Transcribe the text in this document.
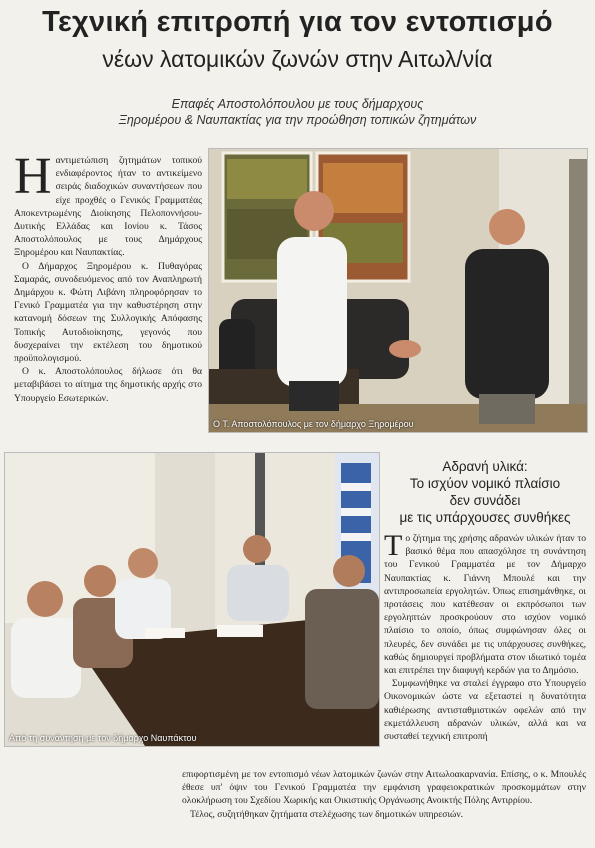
Τεχνική επιτροπή για τον εντοπισμό
νέων λατομικών ζωνών στην Αιτωλ/νία
Επαφές Αποστολόπουλου με τους δήμαρχους
Ξηρομέρου & Ναυπακτίας για την προώθηση τοπικών ζητημάτων

Ηαντιμετώπιση ζητημάτων τοπικού ενδιαφέροντος ήταν το αντικείμενο σειράς διαδοχικών συναντήσεων που είχε προχθές ο Γενικός Γραμματέας Αποκεντρωμένης Διοίκησης Πελοποννήσου-Δυτικής Ελλάδας και Ιονίου κ. Τάσος Αποστολόπουλος με τους Δημάρχους Ξηρομέρου και Ναυπακτίας.

Ο Δήμαρχος Ξηρομέρου κ. Πυθαγόρας Σαμαράς, συνοδευόμενος από τον Αναπληρωτή Δημάρχου κ. Φώτη Λιβάνη πληροφόρησαν το Γενικό Γραμματέα για την καθυστέρηση στην κατανομή δόσεων της Συλλογικής Απόφασης Τοπικής Αυτοδιοίκησης, γεγονός που δυσχεραίνει την εκτέλεση του δημοτικού προϋπολογισμού.

Ο κ. Αποστολόπουλος δήλωσε ότι θα μεταβιβάσει το αίτημα της δημοτικής αρχής στο Υπουργείο Εσωτερικών.

Ο Τ. Αποστολόπουλος με τον δήμαρχο Ξηρομέρου
Από τη συνάντηση με τον δήμαρχο Ναυπάκτου
Αδρανή υλικά:
Το ισχύον νομικό πλαίσιο
δεν συνάδει
με τις υπάρχουσες συνθήκες

Το ζήτημα της χρήσης αδρανών υλικών ήταν το βασικό θέμα που απασχόλησε τη συνάντηση του Γενικού Γραμματέα με τον Δήμαρχο Ναυπακτίας κ. Γιάννη Μπουλέ και την αντιπροσωπεία εργολητών. Όπως επισημάνθηκε, οι προτάσεις που κατέθεσαν οι εκπρόσωποι των εργοληπτών προσκρούουν στο ισχύον νομικό πλαίσιο το οποίο, όπως συμφώνησαν όλες οι πλευρές, δεν συνάδει με τις υπάρχουσες συνθήκες, καθώς δημιουργεί προβλήματα στον ιδιωτικό τομέα και επιτρέπει την διαφυγή κερδών για το Δημόσιο.

Συμφωνήθηκε να σταλεί έγγραφο στο Υπουργείο Οικονομικών ώστε να εξεταστεί η δυνατότητα καθιέρωσης αντισταθμιστικών οφελών από την εκμετάλλευση αδρανών υλικών, αλλά και να συσταθεί τεχνική επιτροπή

επιφορτισμένη με τον εντοπισμό νέων λατομικών ζωνών στην Αιτωλοακαρνανία. Επίσης, ο κ. Μπουλές έθεσε υπ' όψιν του Γενικού Γραμματέα την εμφάνιση γραφειοκρατικών προσκομμάτων στην ολοκλήρωση του Σχεδίου Χωρικής και Οικιστικής Οργάνωσης Ανοικτής Πόλης Αντιρρίου.

Τέλος, συζητήθηκαν ζητήματα στελέχωσης των δημοτικών υπηρεσιών.
